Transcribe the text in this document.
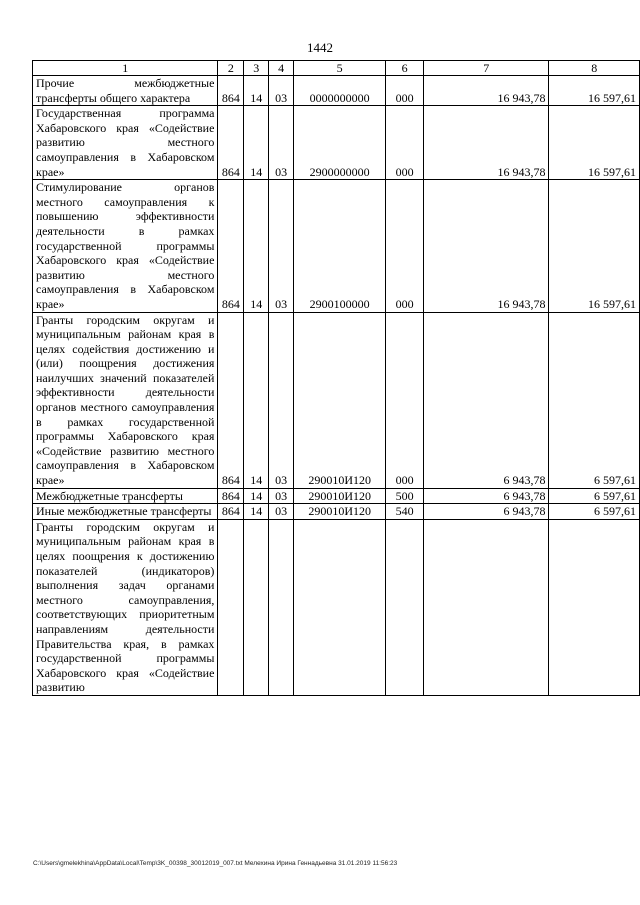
1442
1	2	3	4	5	6	7	8
Прочие межбюджетные трансферты общего характера	864	14	03	0000000000	000	16 943,78	16 597,61
Государственная программа Хабаровского края «Содействие развитию местного самоуправления в Хабаровском крае»	864	14	03	2900000000	000	16 943,78	16 597,61
Стимулирование органов местного самоуправления к повышению эффективности деятельности в рамках государственной программы Хабаровского края «Содействие развитию местного самоуправления в Хабаровском крае»	864	14	03	2900100000	000	16 943,78	16 597,61
Гранты городским округам и муниципальным районам края в целях содействия достижению и (или) поощрения достижения наилучших значений показателей эффективности деятельности органов местного самоуправления в рамках государственной программы Хабаровского края «Содействие развитию местного самоуправления в Хабаровском крае»	864	14	03	290010И120	000	6 943,78	6 597,61
Межбюджетные трансферты	864	14	03	290010И120	500	6 943,78	6 597,61
Иные межбюджетные трансферты	864	14	03	290010И120	540	6 943,78	6 597,61
Гранты городским округам и муниципальным районам края в целях поощрения к достижению показателей (индикаторов) выполнения задач органами местного самоуправления, соответствующих приоритетным направлениям деятельности Правительства края, в рамках государственной программы Хабаровского края «Содействие развитию							
C:\Users\gmelekhina\AppData\Local\Temp\3K_00398_30012019_007.txt Мелехина Ирина Геннадьевна 31.01.2019 11:56:23
